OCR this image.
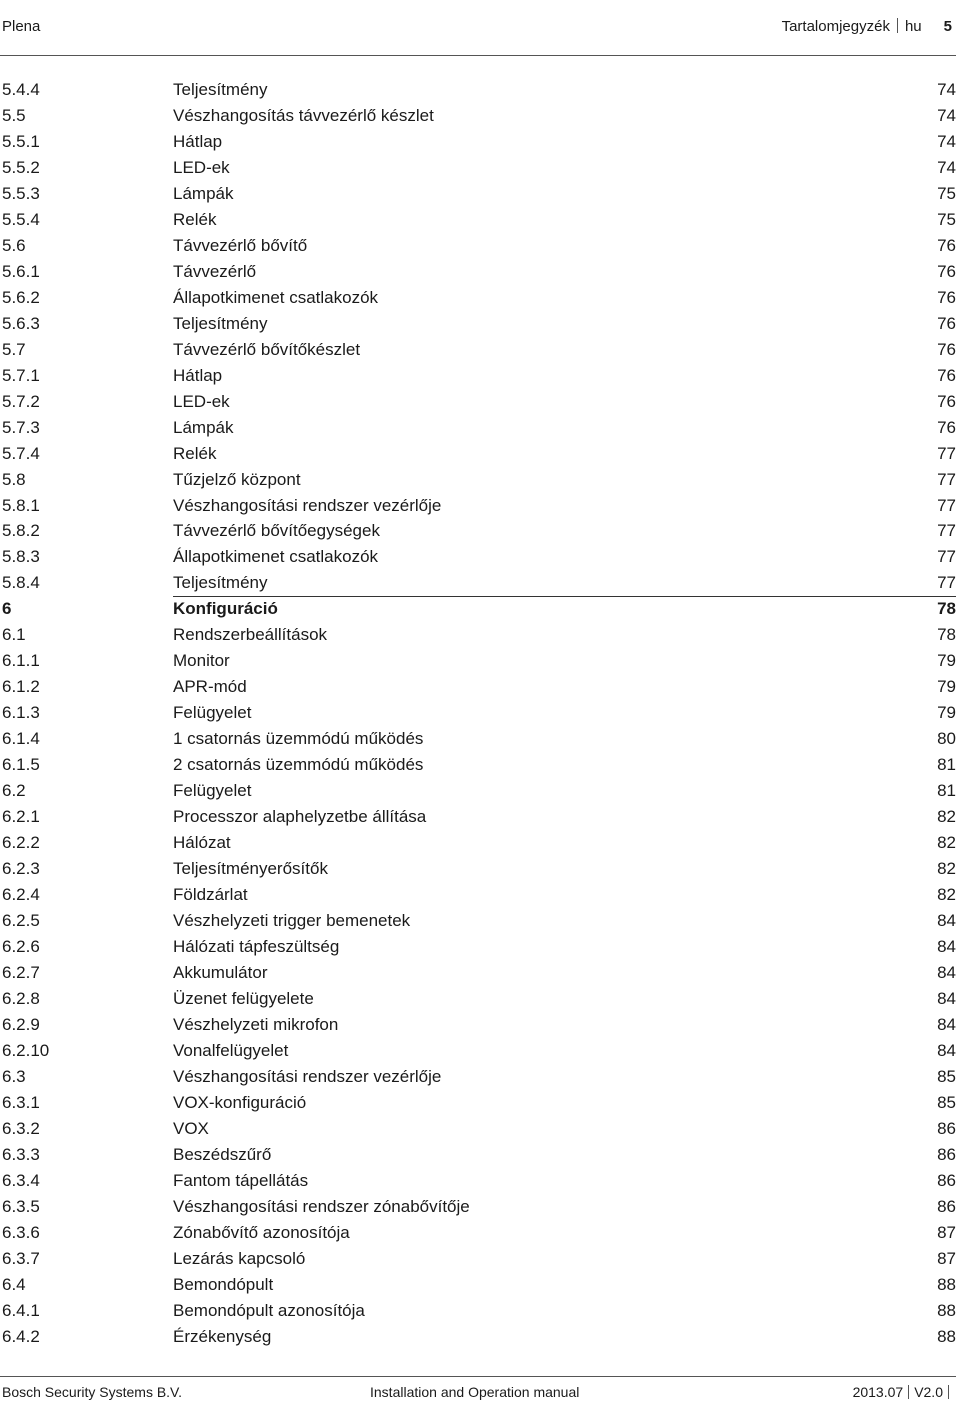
Plena	Tartalomjegyzék hu 5
5.4.4	Teljesítmény	74
5.5	Vészhangosítás távvezérlő készlet	74
5.5.1	Hátlap	74
5.5.2	LED-ek	74
5.5.3	Lámpák	75
5.5.4	Relék	75
5.6	Távvezérlő bővítő	76
5.6.1	Távvezérlő	76
5.6.2	Állapotkimenet csatlakozók	76
5.6.3	Teljesítmény	76
5.7	Távvezérlő bővítőkészlet	76
5.7.1	Hátlap	76
5.7.2	LED-ek	76
5.7.3	Lámpák	76
5.7.4	Relék	77
5.8	Tűzjelző központ	77
5.8.1	Vészhangosítási rendszer vezérlője	77
5.8.2	Távvezérlő bővítőegységek	77
5.8.3	Állapotkimenet csatlakozók	77
5.8.4	Teljesítmény	77
6	Konfiguráció	78
6.1	Rendszerbeállítások	78
6.1.1	Monitor	79
6.1.2	APR-mód	79
6.1.3	Felügyelet	79
6.1.4	1 csatornás üzemmódú működés	80
6.1.5	2 csatornás üzemmódú működés	81
6.2	Felügyelet	81
6.2.1	Processzor alaphelyzetbe állítása	82
6.2.2	Hálózat	82
6.2.3	Teljesítményerősítők	82
6.2.4	Földzárlat	82
6.2.5	Vészhelyzeti trigger bemenetek	84
6.2.6	Hálózati tápfeszültség	84
6.2.7	Akkumulátor	84
6.2.8	Üzenet felügyelete	84
6.2.9	Vészhelyzeti mikrofon	84
6.2.10	Vonalfelügyelet	84
6.3	Vészhangosítási rendszer vezérlője	85
6.3.1	VOX-konfiguráció	85
6.3.2	VOX	86
6.3.3	Beszédszűrő	86
6.3.4	Fantom tápellátás	86
6.3.5	Vészhangosítási rendszer zónabővítője	86
6.3.6	Zónabővítő azonosítója	87
6.3.7	Lezárás kapcsoló	87
6.4	Bemondópult	88
6.4.1	Bemondópult azonosítója	88
6.4.2	Érzékenység	88
Bosch Security Systems B.V.	Installation and Operation manual	2013.07 V2.0
